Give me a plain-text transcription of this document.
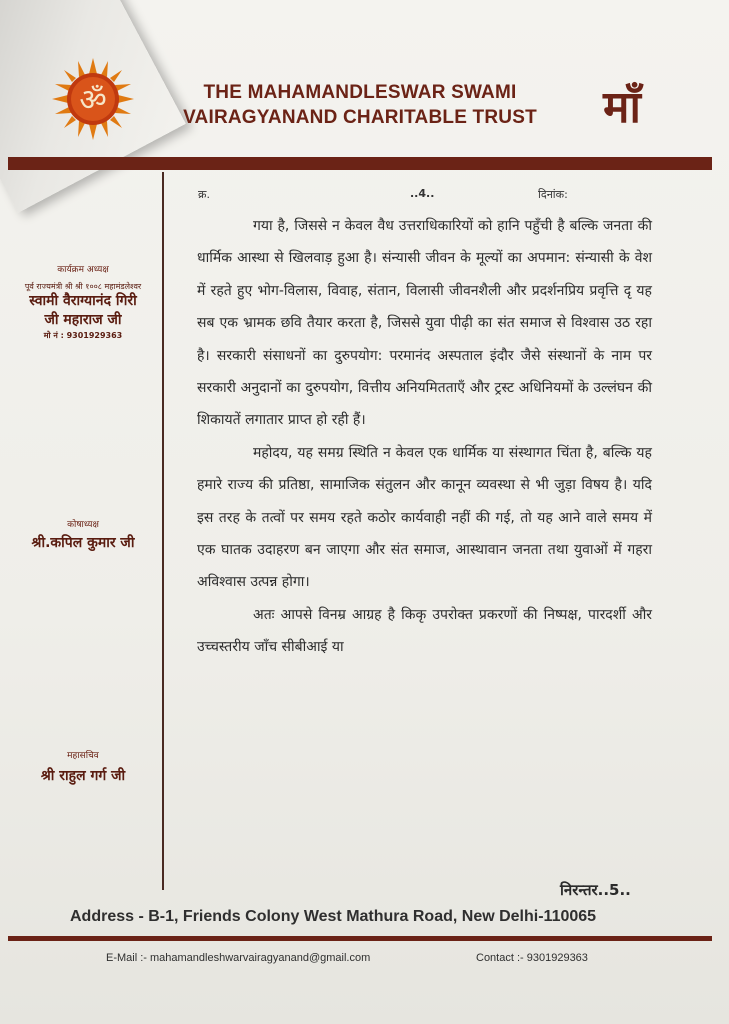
ॐ	THE MAHAMANDLESWAR SWAMI
VAIRAGYANAND CHARITABLE TRUST	माँ
कार्यक्रम अध्यक्ष
पूर्व राज्यमंत्री श्री श्री १००८ महामंडलेश्वर
स्वामी वैराग्यानंद गिरी
जी महाराज जी
मो नं : 9301929363
कोषाध्यक्ष
श्री.कपिल कुमार जी
महासचिव
श्री राहुल गर्ग जी
क्र.	..4..	दिनांक:

गया है, जिससे न केवल वैध उत्तराधिकारियों को हानि पहुँची है बल्कि जनता की धार्मिक आस्था से खिलवाड़ हुआ है। संन्यासी जीवन के मूल्यों का अपमान: संन्यासी के वेश में रहते हुए भोग-विलास, विवाह, संतान, विलासी जीवनशैली और प्रदर्शनप्रिय प्रवृत्ति दृ यह सब एक भ्रामक छवि तैयार करता है, जिससे युवा पीढ़ी का संत समाज से विश्वास उठ रहा है। सरकारी संसाधनों का दुरुपयोग: परमानंद अस्पताल इंदौर जैसे संस्थानों के नाम पर सरकारी अनुदानों का दुरुपयोग, वित्तीय अनियमितताएँ और ट्रस्ट अधिनियमों के उल्लंघन की शिकायतें लगातार प्राप्त हो रही हैं।

महोदय, यह समग्र स्थिति न केवल एक धार्मिक या संस्थागत चिंता है, बल्कि यह हमारे राज्य की प्रतिष्ठा, सामाजिक संतुलन और कानून व्यवस्था से भी जुड़ा विषय है। यदि इस तरह के तत्वों पर समय रहते कठोर कार्यवाही नहीं की गई, तो यह आने वाले समय में एक घातक उदाहरण बन जाएगा और संत समाज, आस्थावान जनता तथा युवाओं में गहरा अविश्वास उत्पन्न होगा।

अतः आपसे विनम्र आग्रह है किकृ उपरोक्त प्रकरणों की निष्पक्ष, पारदर्शी और उच्चस्तरीय जाँच सीबीआई या

निरन्तर..5..
Address - B-1, Friends Colony West Mathura Road, New Delhi-110065
E-Mail :- mahamandleshwarvairagyanand@gmail.com	Contact :- 9301929363
